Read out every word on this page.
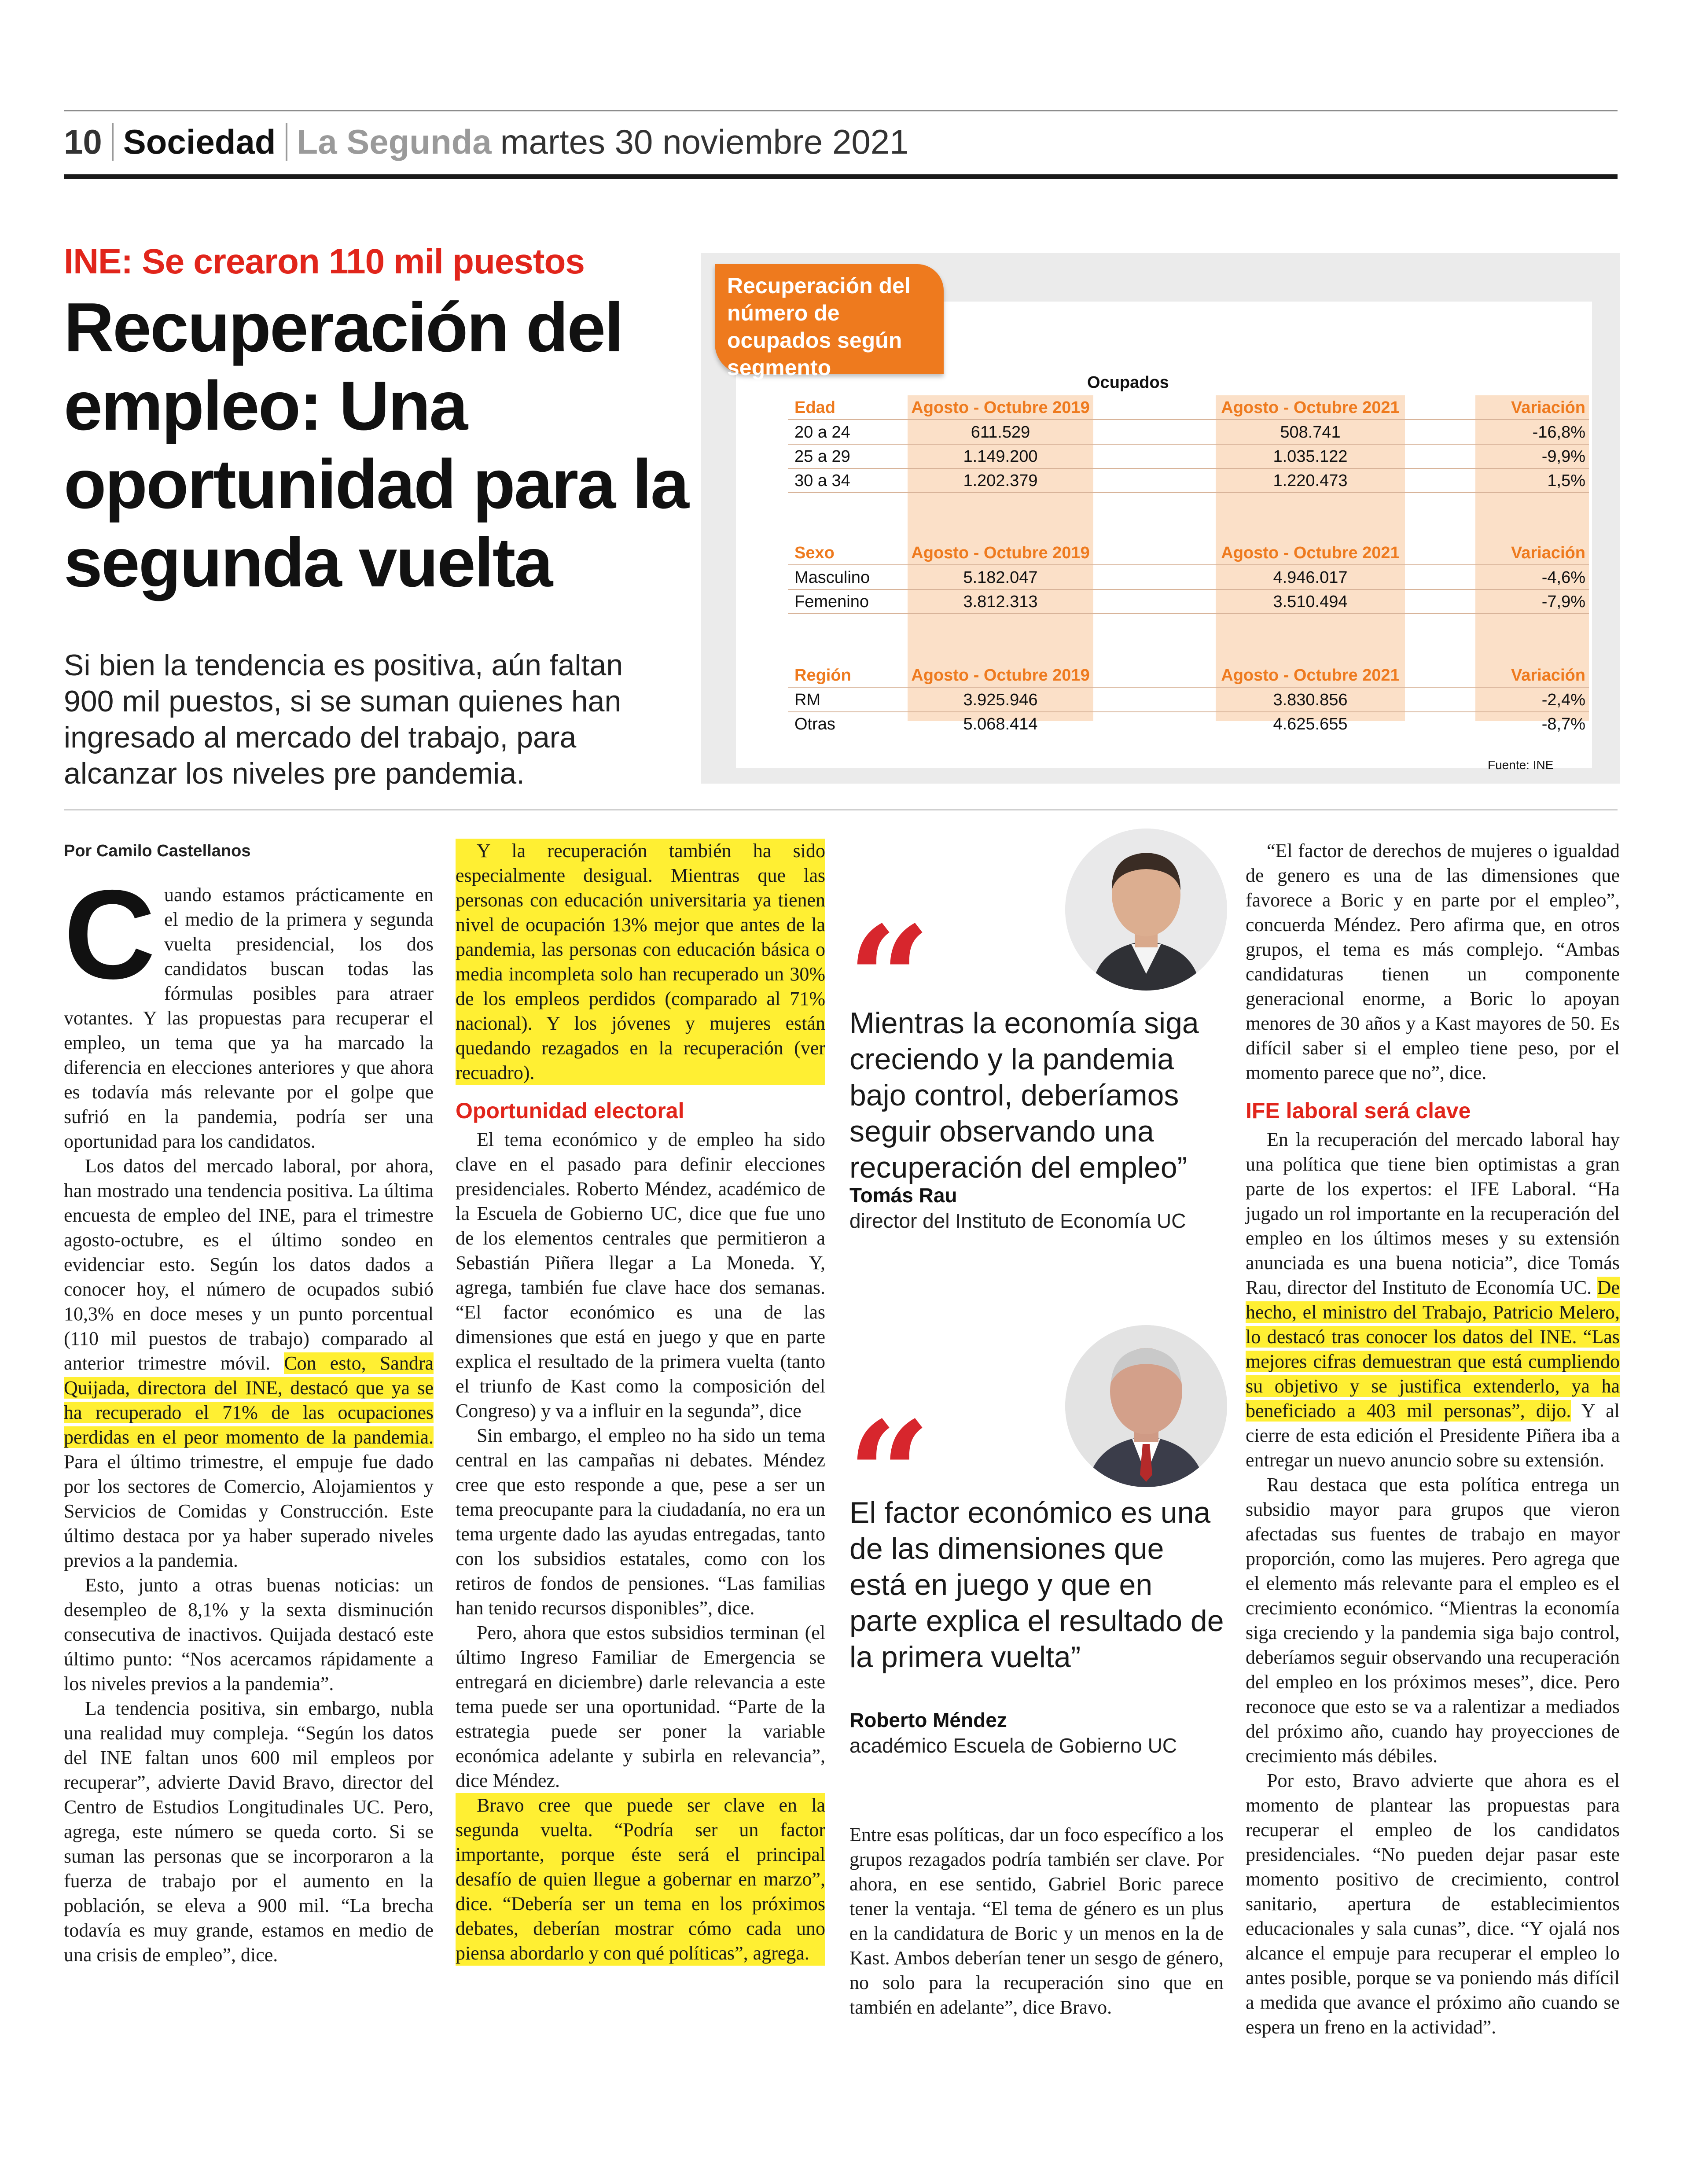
10 Sociedad La Segunda martes 30 noviembre 2021
INE: Se crearon 110 mil puestos
Recuperación del empleo: Una oportunidad para la segunda vuelta

Si bien la tendencia es positiva, aún faltan 900 mil puestos, si se suman quienes han ingresado al mercado del trabajo, para alcanzar los niveles pre pandemia.

Recuperación del número de ocupados según segmento

Ocupados
Edad	Agosto - Octubre 2019	Agosto - Octubre 2021	Variación
20 a 24	611.529	508.741	-16,8%
25 a 29	1.149.200	1.035.122	-9,9%
30 a 34	1.202.379	1.220.473	1,5%
Sexo	Agosto - Octubre 2019	Agosto - Octubre 2021	Variación
Masculino	5.182.047	4.946.017	-4,6%
Femenino	3.812.313	3.510.494	-7,9%
Región	Agosto - Octubre 2019	Agosto - Octubre 2021	Variación
RM	3.925.946	3.830.856	-2,4%
Otras	5.068.414	4.625.655	-8,7%
Fuente: INE
Por Camilo Castellanos

Cuando estamos prácticamente en el medio de la primera y segunda vuelta presidencial, los dos candidatos buscan todas las fórmulas posibles para atraer votantes. Y las propuestas para recuperar el empleo, un tema que ya ha marcado la diferencia en elecciones anteriores y que ahora es todavía más relevante por el golpe que sufrió en la pandemia, podría ser una oportunidad para los candidatos.

Los datos del mercado laboral, por ahora, han mostrado una tendencia positiva. La última encuesta de empleo del INE, para el trimestre agosto-octubre, es el último sondeo en evidenciar esto. Según los datos dados a conocer hoy, el número de ocupados subió 10,3% en doce meses y un punto porcentual (110 mil puestos de trabajo) comparado al anterior trimestre móvil. Con esto, Sandra Quijada, directora del INE, destacó que ya se ha recuperado el 71% de las ocupaciones perdidas en el peor momento de la pandemia. Para el último trimestre, el empuje fue dado por los sectores de Comercio, Alojamientos y Servicios de Comidas y Construcción. Este último destaca por ya haber superado niveles previos a la pandemia.

Esto, junto a otras buenas noticias: un desempleo de 8,1% y la sexta disminución consecutiva de inactivos. Quijada destacó este último punto: “Nos acercamos rápidamente a los niveles previos a la pandemia”.

La tendencia positiva, sin embargo, nubla una realidad muy compleja. “Según los datos del INE faltan unos 600 mil empleos por recuperar”, advierte David Bravo, director del Centro de Estudios Longitudinales UC. Pero, agrega, este número se queda corto. Si se suman las personas que se incorporaron a la fuerza de trabajo por el aumento en la población, se eleva a 900 mil. “La brecha todavía es muy grande, estamos en medio de una crisis de empleo”, dice.

Y la recuperación también ha sido especialmente desigual. Mientras que las personas con educación universitaria ya tienen nivel de ocupación 13% mejor que antes de la pandemia, las personas con educación básica o media incompleta solo han recuperado un 30% de los empleos perdidos (comparado al 71% nacional). Y los jóvenes y mujeres están quedando rezagados en la recuperación (ver recuadro).

Oportunidad electoral

El tema económico y de empleo ha sido clave en el pasado para definir elecciones presidenciales. Roberto Méndez, académico de la Escuela de Gobierno UC, dice que fue uno de los elementos centrales que permitieron a Sebastián Piñera llegar a La Moneda. Y, agrega, también fue clave hace dos semanas. “El factor económico es una de las dimensiones que está en juego y que en parte explica el resultado de la primera vuelta (tanto el triunfo de Kast como la composición del Congreso) y va a influir en la segunda”, dice

Sin embargo, el empleo no ha sido un tema central en las campañas ni debates. Méndez cree que esto responde a que, pese a ser un tema preocupante para la ciudadanía, no era un tema urgente dado las ayudas entregadas, tanto con los subsidios estatales, como con los retiros de fondos de pensiones. “Las familias han tenido recursos disponibles”, dice.

Pero, ahora que estos subsidios terminan (el último Ingreso Familiar de Emergencia se entregará en diciembre) darle relevancia a este tema puede ser una oportunidad. “Parte de la estrategia puede ser poner la variable económica adelante y subirla en relevancia”, dice Méndez.

Bravo cree que puede ser clave en la segunda vuelta. “Podría ser un factor importante, porque éste será el principal desafío de quien llegue a gobernar en marzo”, dice. “Debería ser un tema en los próximos debates, deberían mostrar cómo cada uno piensa abordarlo y con qué políticas”, agrega.

“

Mientras la economía siga creciendo y la pandemia bajo control, deberíamos seguir observando una recuperación del empleo”

Tomás Rau
director del Instituto de Economía UC
“

El factor económico es una de las dimensiones que está en juego y que en parte explica el resultado de la primera vuelta”

Roberto Méndez
académico Escuela de Gobierno UC

Entre esas políticas, dar un foco específico a los grupos rezagados podría también ser clave. Por ahora, en ese sentido, Gabriel Boric parece tener la ventaja. “El tema de género es un plus en la candidatura de Boric y un menos en la de Kast. Ambos deberían tener un sesgo de género, no solo para la recuperación sino que en también en adelante”, dice Bravo.

“El factor de derechos de mujeres o igualdad de genero es una de las dimensiones que favorece a Boric y en parte por el empleo”, concuerda Méndez. Pero afirma que, en otros grupos, el tema es más complejo. “Ambas candidaturas tienen un componente generacional enorme, a Boric lo apoyan menores de 30 años y a Kast mayores de 50. Es difícil saber si el empleo tiene peso, por el momento parece que no”, dice.

IFE laboral será clave

En la recuperación del mercado laboral hay una política que tiene bien optimistas a gran parte de los expertos: el IFE Laboral. “Ha jugado un rol importante en la recuperación del empleo en los últimos meses y su extensión anunciada es una buena noticia”, dice Tomás Rau, director del Instituto de Economía UC. De hecho, el ministro del Trabajo, Patricio Melero, lo destacó tras conocer los datos del INE. “Las mejores cifras demuestran que está cumpliendo su objetivo y se justifica extenderlo, ya ha beneficiado a 403 mil personas”, dijo. Y al cierre de esta edición el Presidente Piñera iba a entregar un nuevo anuncio sobre su extensión.

Rau destaca que esta política entrega un subsidio mayor para grupos que vieron afectadas sus fuentes de trabajo en mayor proporción, como las mujeres. Pero agrega que el elemento más relevante para el empleo es el crecimiento económico. “Mientras la economía siga creciendo y la pandemia siga bajo control, deberíamos seguir observando una recuperación del empleo en los próximos meses”, dice. Pero reconoce que esto se va a ralentizar a mediados del próximo año, cuando hay proyecciones de crecimiento más débiles.

Por esto, Bravo advierte que ahora es el momento de plantear las propuestas para recuperar el empleo de los candidatos presidenciales. “No pueden dejar pasar este momento positivo de crecimiento, control sanitario, apertura de establecimientos educacionales y sala cunas”, dice. “Y ojalá nos alcance el empuje para recuperar el empleo lo antes posible, porque se va poniendo más difícil a medida que avance el próximo año cuando se espera un freno en la actividad”.
